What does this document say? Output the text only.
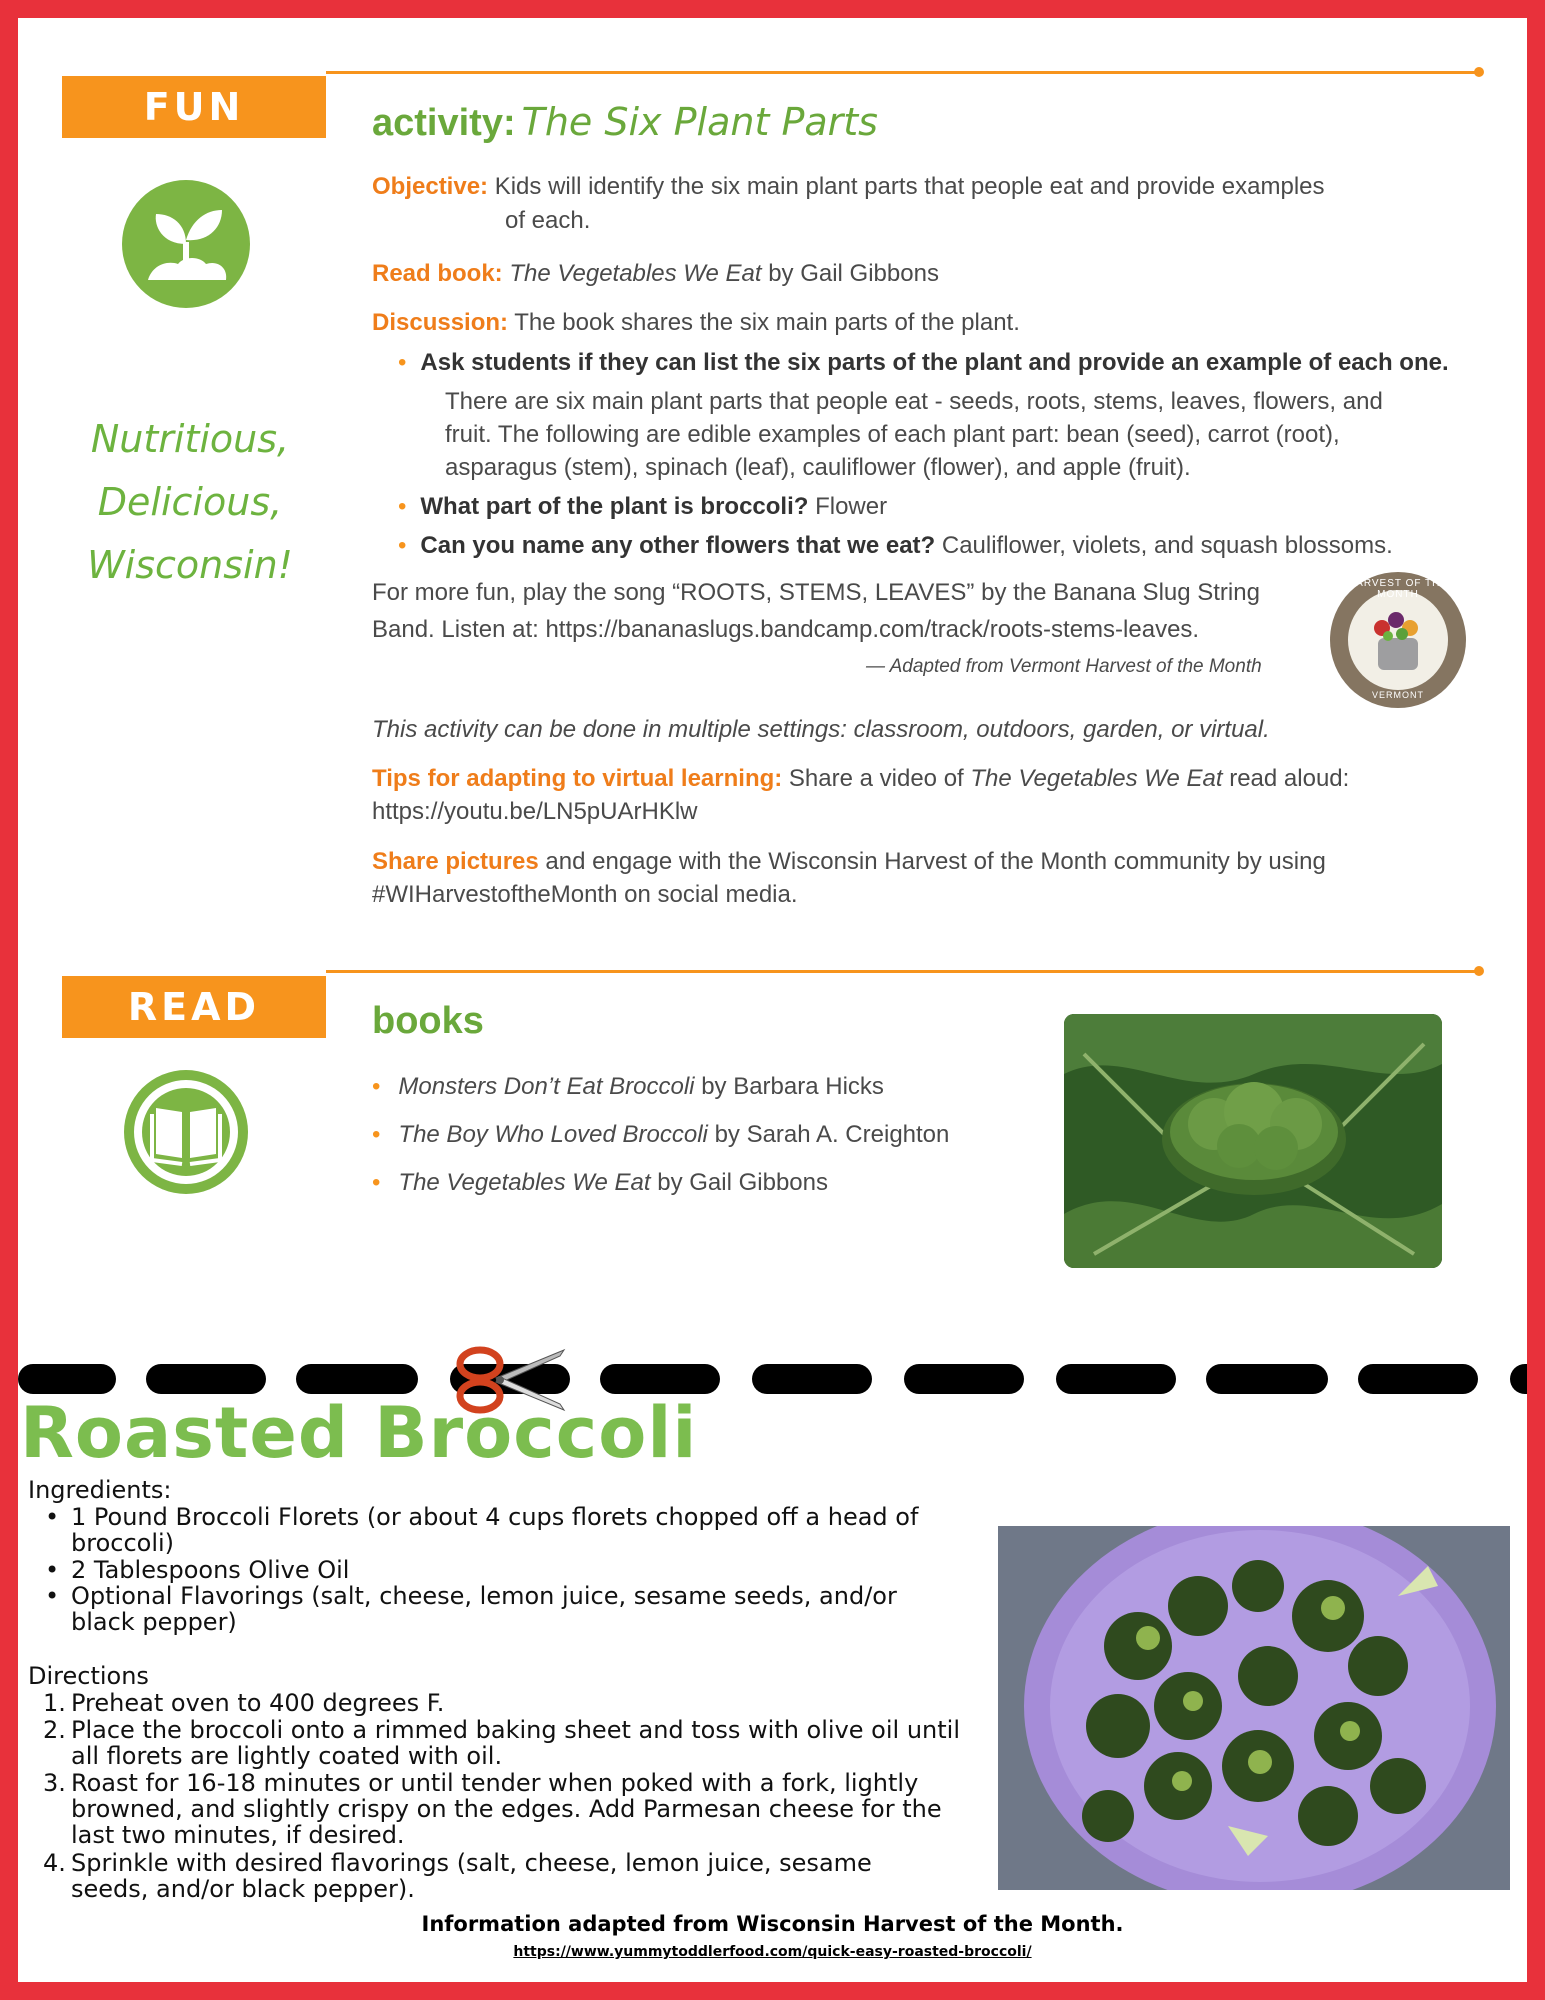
FUN
Nutritious,
Delicious,
Wisconsin!
activity: The Six Plant Parts
Objective: Kids will identify the six main plant parts that people eat and provide examples
of each.
Read book: The Vegetables We Eat by Gail Gibbons
Discussion: The book shares the six main parts of the plant.
• Ask students if they can list the six parts of the plant and provide an example of each one.
There are six main plant parts that people eat - seeds, roots, stems, leaves, flowers, and
fruit. The following are edible examples of each plant part: bean (seed), carrot (root),
asparagus (stem), spinach (leaf), cauliflower (flower), and apple (fruit).
• What part of the plant is broccoli? Flower
• Can you name any other flowers that we eat? Cauliflower, violets, and squash blossoms.
For more fun, play the song “ROOTS, STEMS, LEAVES” by the Banana Slug String
Band. Listen at: https://bananaslugs.bandcamp.com/track/roots-stems-leaves.
— Adapted from Vermont Harvest of the Month
HARVEST OF THE MONTH
VERMONT
This activity can be done in multiple settings: classroom, outdoors, garden, or virtual.
Tips for adapting to virtual learning: Share a video of The Vegetables We Eat read aloud:
https://youtu.be/LN5pUArHKlw
Share pictures and engage with the Wisconsin Harvest of the Month community by using
#WIHarvestoftheMonth on social media.
READ	books
• Monsters Don’t Eat Broccoli by Barbara Hicks
• The Boy Who Loved Broccoli by Sarah A. Creighton
• The Vegetables We Eat by Gail Gibbons
Roasted Broccoli
Ingredients:
• 1 Pound Broccoli Florets (or about 4 cups florets chopped off a head of
broccoli)
• 2 Tablespoons Olive Oil
• Optional Flavorings (salt, cheese, lemon juice, sesame seeds, and/or
black pepper)
Directions
1. Preheat oven to 400 degrees F.
2. Place the broccoli onto a rimmed baking sheet and toss with olive oil until
all florets are lightly coated with oil.
3. Roast for 16-18 minutes or until tender when poked with a fork, lightly
browned, and slightly crispy on the edges. Add Parmesan cheese for the
last two minutes, if desired.
4. Sprinkle with desired flavorings (salt, cheese, lemon juice, sesame
seeds, and/or black pepper).
Information adapted from Wisconsin Harvest of the Month.
https://www.yummytoddlerfood.com/quick-easy-roasted-broccoli/
